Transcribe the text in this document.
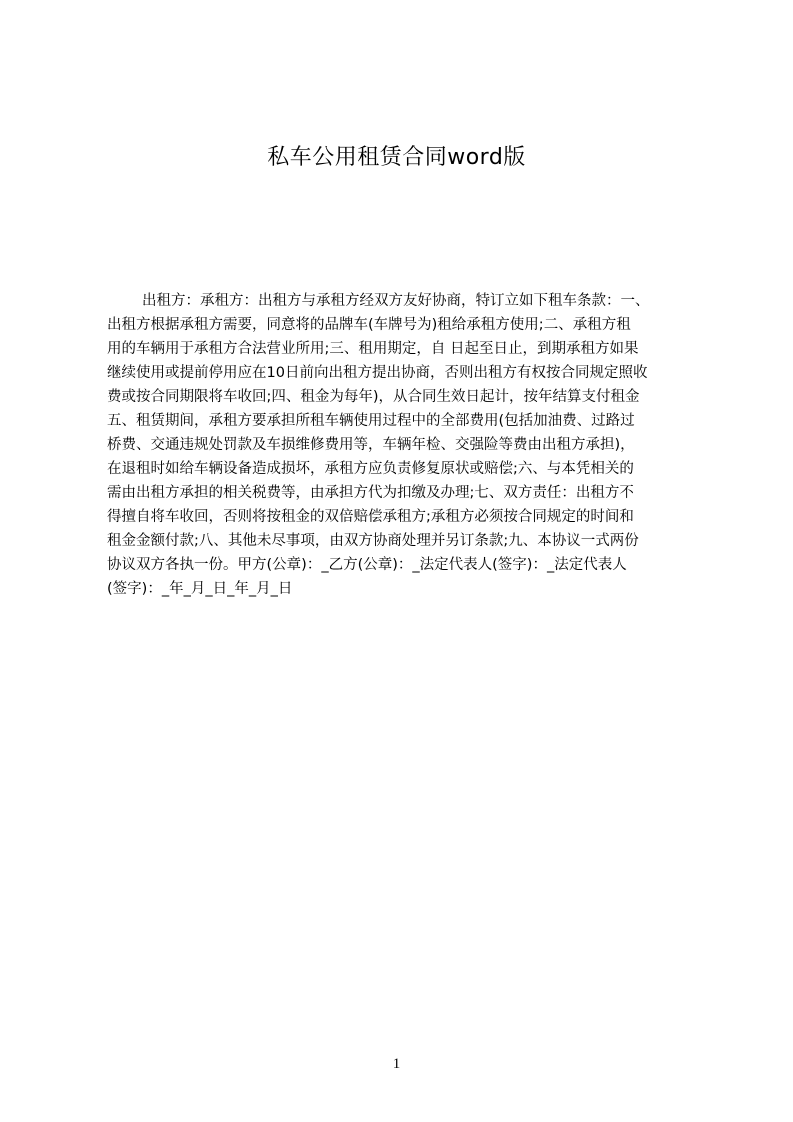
私车公用租赁合同word版
出租方：承租方：出租方与承租方经双方友好协商，特订立如下租车条款：一、
出租方根据承租方需要，同意将的品牌车(车牌号为)租给承租方使用;二、承租方租
用的车辆用于承租方合法营业所用;三、租用期定，自 日起至日止，到期承租方如果
继续使用或提前停用应在10日前向出租方提出协商，否则出租方有权按合同规定照收
费或按合同期限将车收回;四、租金为每年)，从合同生效日起计，按年结算支付租金
五、租赁期间，承租方要承担所租车辆使用过程中的全部费用(包括加油费、过路过
桥费、交通违规处罚款及车损维修费用等，车辆年检、交强险等费由出租方承担)，
在退租时如给车辆设备造成损坏，承租方应负责修复原状或赔偿;六、与本凭相关的
需由出租方承担的相关税费等，由承担方代为扣缴及办理;七、双方责任：出租方不
得擅自将车收回，否则将按租金的双倍赔偿承租方;承租方必须按合同规定的时间和
租金金额付款;八、其他未尽事项，由双方协商处理并另订条款;九、本协议一式两份
协议双方各执一份。甲方(公章)：_乙方(公章)：_法定代表人(签字)：_法定代表人
(签字)：_年_月_日_年_月_日
1
